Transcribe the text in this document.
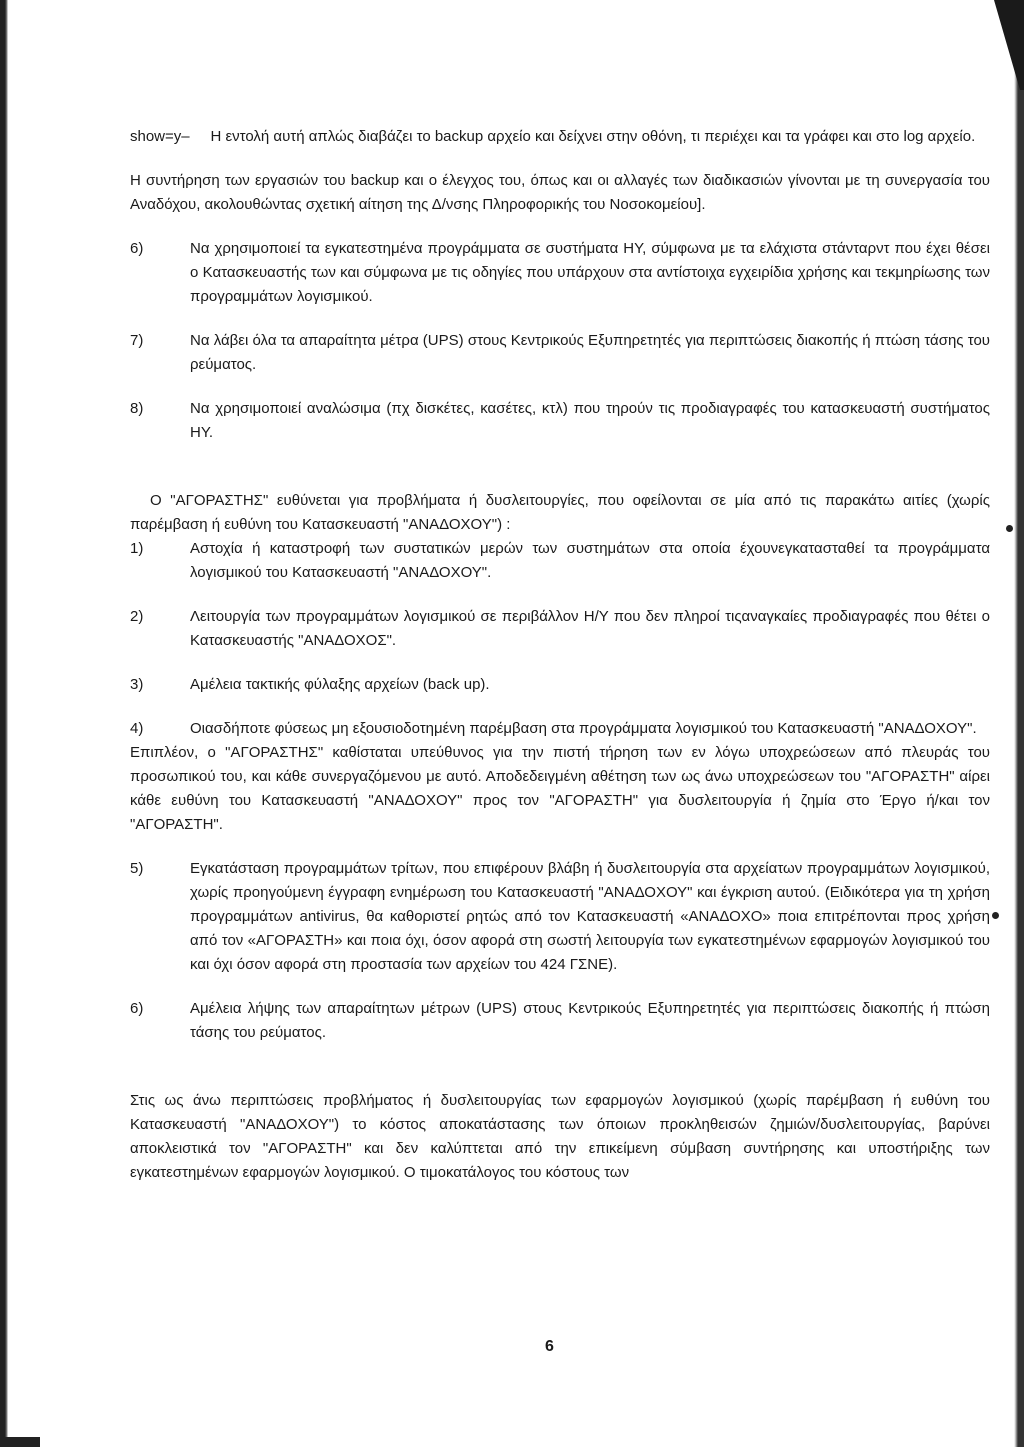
show=y– Η εντολή αυτή απλώς διαβάζει το backup αρχείο και δείχνει στην οθόνη, τι περιέχει και τα γράφει και στο log αρχείο.

Η συντήρηση των εργασιών του backup και ο έλεγχος του, όπως και οι αλλαγές των διαδικασιών γίνονται με τη συνεργασία του Αναδόχου, ακολουθώντας σχετική αίτηση της Δ/νσης Πληροφορικής του Νοσοκομείου].

6)	Να χρησιμοποιεί τα εγκατεστημένα προγράμματα σε συστήματα ΗΥ, σύμφωνα με τα ελάχιστα στάνταρντ που έχει θέσει ο Κατασκευαστής των και σύμφωνα με τις οδηγίες που υπάρχουν στα αντίστοιχα εγχειρίδια χρήσης και τεκμηρίωσης των προγραμμάτων λογισμικού.
7)	Να λάβει όλα τα απαραίτητα μέτρα (UPS) στους Κεντρικούς Εξυπηρετητές για περιπτώσεις διακοπής ή πτώση τάσης του ρεύματος.
8)	Να χρησιμοποιεί αναλώσιμα (πχ δισκέτες, κασέτες, κτλ) που τηρούν τις προδιαγραφές του κατασκευαστή συστήματος ΗΥ.

Ο "ΑΓΟΡΑΣΤΗΣ" ευθύνεται για προβλήματα ή δυσλειτουργίες, που οφείλονται σε μία από τις παρακάτω αιτίες (χωρίς παρέμβαση ή ευθύνη του Κατασκευαστή "ΑΝΑΔΟΧΟΥ") :

1)	Αστοχία ή καταστροφή των συστατικών μερών των συστημάτων στα οποία έχουνεγκατασταθεί τα προγράμματα λογισμικού του Κατασκευαστή "ΑΝΑΔΟΧΟΥ".
2)	Λειτουργία των προγραμμάτων λογισμικού σε περιβάλλον Η/Υ που δεν πληροί τιςαναγκαίες προδιαγραφές που θέτει ο Κατασκευαστής "ΑΝΑΔΟΧΟΣ".
3)	Αμέλεια τακτικής φύλαξης αρχείων (back up).
4)	Οιασδήποτε φύσεως μη εξουσιοδοτημένη παρέμβαση στα προγράμματα λογισμικού του Κατασκευαστή "ΑΝΑΔΟΧΟΥ".

Επιπλέον, ο "ΑΓΟΡΑΣΤΗΣ" καθίσταται υπεύθυνος για την πιστή τήρηση των εν λόγω υποχρεώσεων από πλευράς του προσωπικού του, και κάθε συνεργαζόμενου με αυτό. Αποδεδειγμένη αθέτηση των ως άνω υποχρεώσεων του "ΑΓΟΡΑΣΤΗ" αίρει κάθε ευθύνη του Κατασκευαστή "ΑΝΑΔΟΧΟΥ" προς τον "ΑΓΟΡΑΣΤΗ" για δυσλειτουργία ή ζημία στο Έργο ή/και τον "ΑΓΟΡΑΣΤΗ".

5)	Εγκατάσταση προγραμμάτων τρίτων, που επιφέρουν βλάβη ή δυσλειτουργία στα αρχείατων προγραμμάτων λογισμικού, χωρίς προηγούμενη έγγραφη ενημέρωση του Κατασκευαστή "ΑΝΑΔΟΧΟΥ" και έγκριση αυτού. (Ειδικότερα για τη χρήση προγραμμάτων antivirus, θα καθοριστεί ρητώς από τον Κατασκευαστή «ΑΝΑΔΟΧΟ» ποια επιτρέπονται προς χρήση από τον «ΑΓΟΡΑΣΤΗ» και ποια όχι, όσον αφορά στη σωστή λειτουργία των εγκατεστημένων εφαρμογών λογισμικού του και όχι όσον αφορά στη προστασία των αρχείων του 424 ΓΣΝΕ).
6)	Αμέλεια λήψης των απαραίτητων μέτρων (UPS) στους Κεντρικούς Εξυπηρετητές για περιπτώσεις διακοπής ή πτώση τάσης του ρεύματος.

Στις ως άνω περιπτώσεις προβλήματος ή δυσλειτουργίας των εφαρμογών λογισμικού (χωρίς παρέμβαση ή ευθύνη του Κατασκευαστή "ΑΝΑΔΟΧΟΥ") το κόστος αποκατάστασης των όποιων προκληθεισών ζημιών/δυσλειτουργίας, βαρύνει αποκλειστικά τον "ΑΓΟΡΑΣΤΗ" και δεν καλύπτεται από την επικείμενη σύμβαση συντήρησης και υποστήριξης των εγκατεστημένων εφαρμογών λογισμικού. Ο τιμοκατάλογος του κόστους των

6
